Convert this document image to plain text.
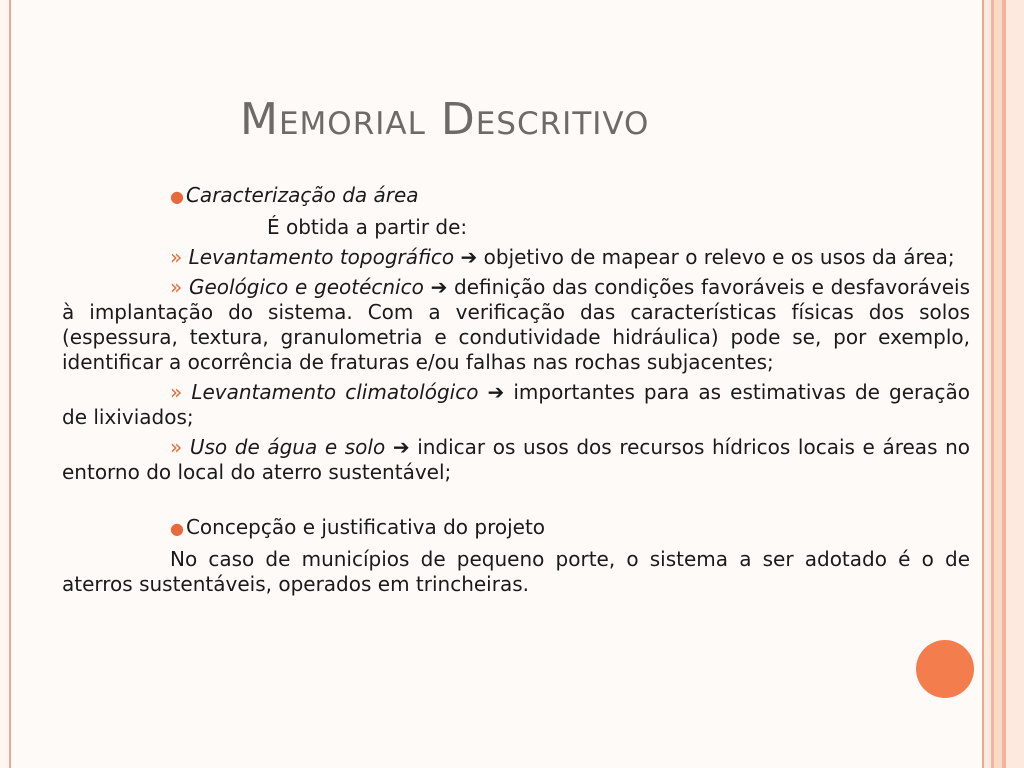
Memorial Descritivo

● Caracterização da área

É obtida a partir de:

» Levantamento topográfico ➔ objetivo de mapear o relevo e os usos da área;

» Geológico e geotécnico ➔ definição das condições favoráveis e desfavoráveis à implantação do sistema. Com a verificação das características físicas dos solos (espessura, textura, granulometria e condutividade hidráulica) pode se, por exemplo, identificar a ocorrência de fraturas e/ou falhas nas rochas subjacentes;

» Levantamento climatológico ➔ importantes para as estimativas de geração de lixiviados;

» Uso de água e solo ➔ indicar os usos dos recursos hídricos locais e áreas no entorno do local do aterro sustentável;

● Concepção e justificativa do projeto

No caso de municípios de pequeno porte, o sistema a ser adotado é o de aterros sustentáveis, operados em trincheiras.
